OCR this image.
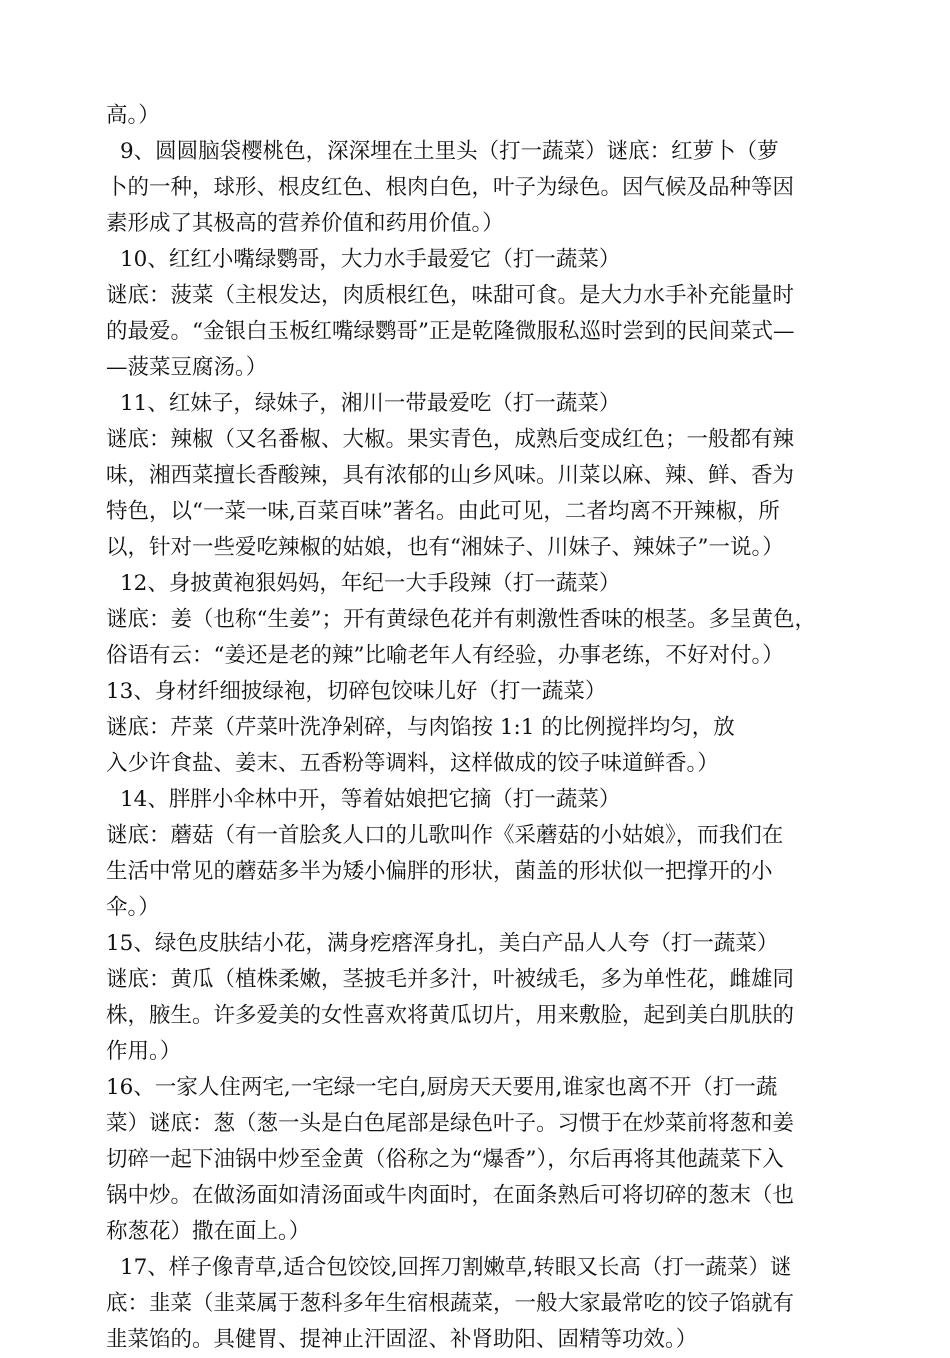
高。）
9、圆圆脑袋樱桃色，深深埋在土里头（打一蔬菜）谜底：红萝卜（萝
卜的一种，球形、根皮红色、根肉白色，叶子为绿色。因气候及品种等因
素形成了其极高的营养价值和药用价值。）
10、红红小嘴绿鹦哥，大力水手最爱它（打一蔬菜）
谜底：菠菜（主根发达，肉质根红色，味甜可食。是大力水手补充能量时
的最爱。“金银白玉板红嘴绿鹦哥”正是乾隆微服私巡时尝到的民间菜式—
—菠菜豆腐汤。）
11、红妹子，绿妹子，湘川一带最爱吃（打一蔬菜）
谜底：辣椒（又名番椒、大椒。果实青色，成熟后变成红色；一般都有辣
味，湘西菜擅长香酸辣，具有浓郁的山乡风味。川菜以麻、辣、鲜、香为
特色，以“一菜一味,百菜百味”著名。由此可见，二者均离不开辣椒，所
以，针对一些爱吃辣椒的姑娘，也有“湘妹子、川妹子、辣妹子”一说。）
12、身披黄袍狠妈妈，年纪一大手段辣（打一蔬菜）
谜底：姜（也称“生姜”；开有黄绿色花并有刺激性香味的根茎。多呈黄色，
俗语有云：“姜还是老的辣”比喻老年人有经验，办事老练，不好对付。）
13、身材纤细披绿袍，切碎包饺味儿好（打一蔬菜）
谜底：芹菜（芹菜叶洗净剁碎，与肉馅按 1:1 的比例搅拌均匀，放
入少许食盐、姜末、五香粉等调料，这样做成的饺子味道鲜香。）
14、胖胖小伞林中开，等着姑娘把它摘（打一蔬菜）
谜底：蘑菇（有一首脍炙人口的儿歌叫作《采蘑菇的小姑娘》，而我们在
生活中常见的蘑菇多半为矮小偏胖的形状，菌盖的形状似一把撑开的小
伞。）
15、绿色皮肤结小花，满身疙瘩浑身扎，美白产品人人夸（打一蔬菜）
谜底：黄瓜（植株柔嫩，茎披毛并多汁，叶被绒毛，多为单性花，雌雄同
株，腋生。许多爱美的女性喜欢将黄瓜切片，用来敷脸，起到美白肌肤的
作用。）
16、一家人住两宅,一宅绿一宅白,厨房天天要用,谁家也离不开（打一蔬
菜）谜底：葱（葱一头是白色尾部是绿色叶子。习惯于在炒菜前将葱和姜
切碎一起下油锅中炒至金黄（俗称之为“爆香”），尔后再将其他蔬菜下入
锅中炒。在做汤面如清汤面或牛肉面时，在面条熟后可将切碎的葱末（也
称葱花）撒在面上。）
17、样子像青草,适合包饺饺,回挥刀割嫩草,转眼又长高（打一蔬菜）谜
底：韭菜（韭菜属于葱科多年生宿根蔬菜，一般大家最常吃的饺子馅就有
韭菜馅的。具健胃、提神止汗固涩、补肾助阳、固精等功效。）
